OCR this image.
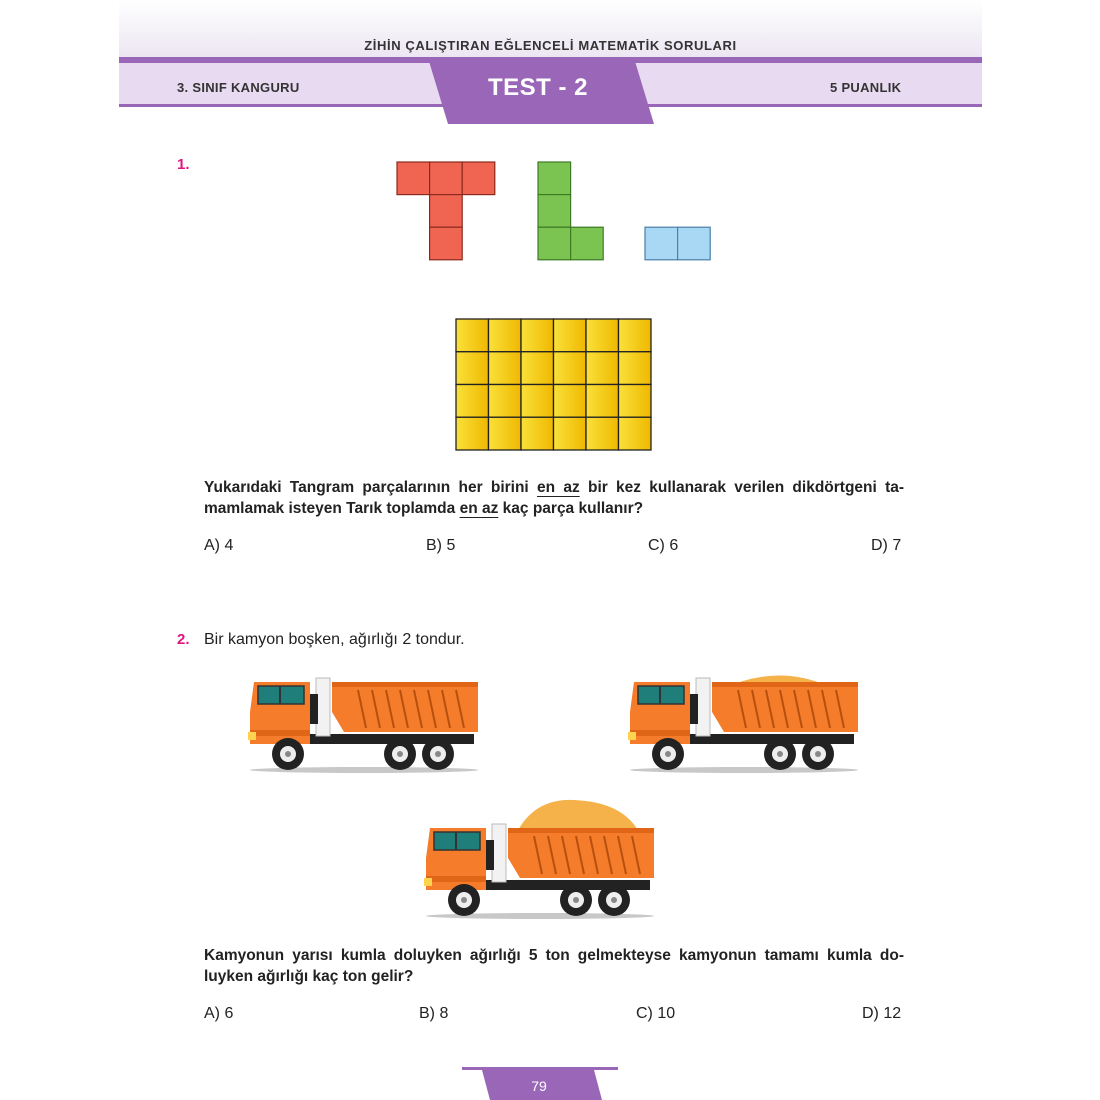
ZİHİN ÇALIŞTIRAN EĞLENCELİ MATEMATİK SORULARI
3. SINIF KANGURU	5 PUANLIK
TEST - 2
1.
Yukarıdaki Tangram parçalarının her birini en az bir kez kullanarak verilen dikdörtgeni ta-mamlamak isteyen Tarık toplamda en az kaç parça kullanır?
A) 4	B) 5	C) 6	D) 7
2. Bir kamyon boşken, ağırlığı 2 tondur.
Kamyonun yarısı kumla doluyken ağırlığı 5 ton gelmekteyse kamyonun tamamı kumla do-luyken ağırlığı kaç ton gelir?
A) 6	B) 8	C) 10	D) 12
79
